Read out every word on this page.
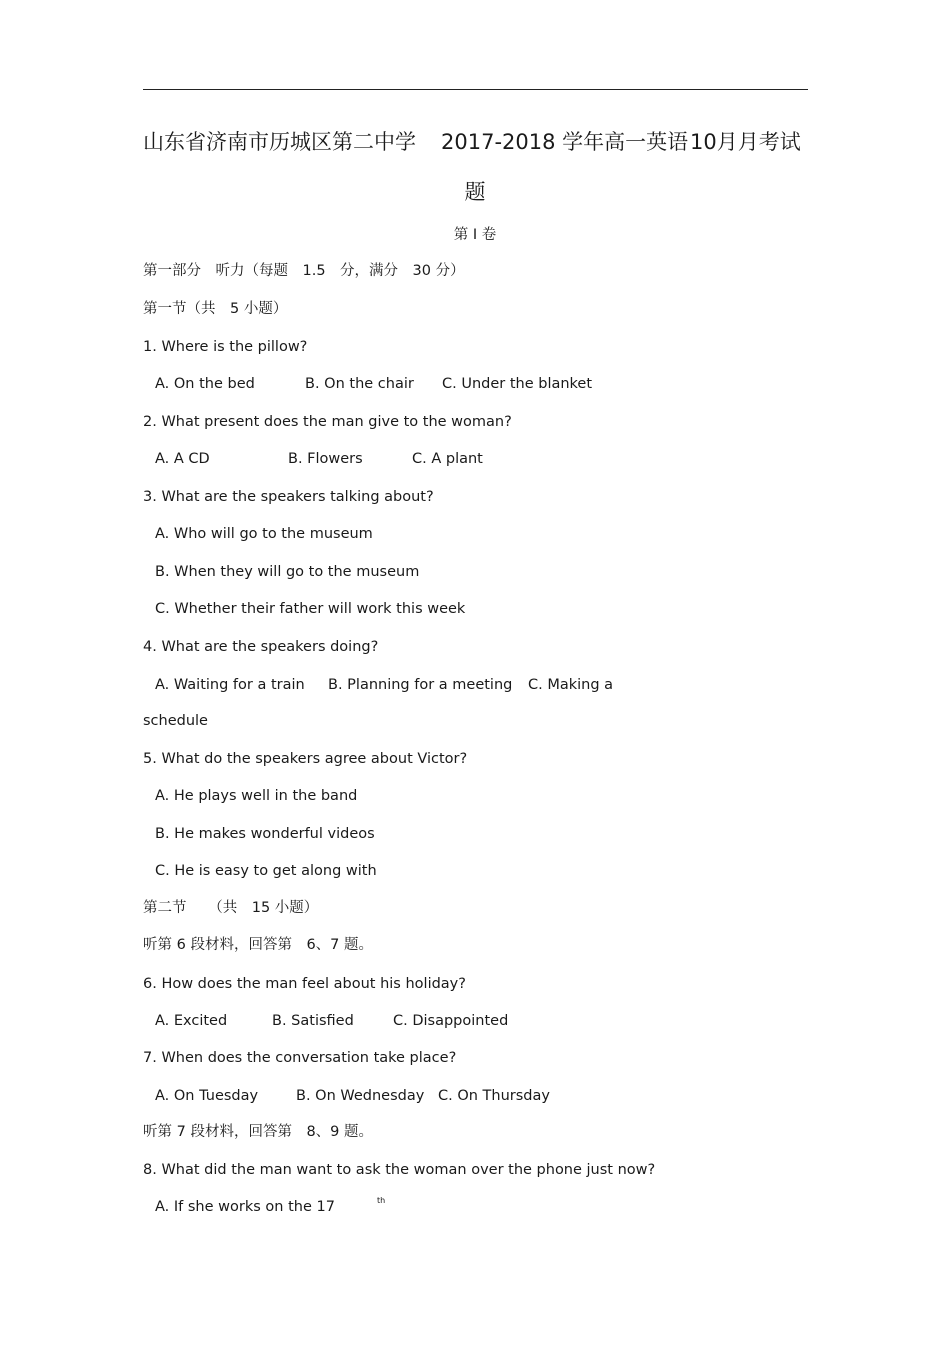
山东省济南市历城区第二中学 2017-2018 学年高一英语 10月月考试
题
第 I 卷
第一部分　听力（每题　1.5　分，满分　30 分）
第一节（共　5 小题）
1. Where is the pillow?
A. On the bed	B. On the chair C. Under the blanket
2. What present does the man give to the woman?
A. A CD	B. Flowers	C. A plant
3. What are the speakers talking about?
A. Who will go to the museum
B. When they will go to the museum
C. Whether their father will work this week
4. What are the speakers doing?
A. Waiting for a train B. Planning for a meeting C. Making a
schedule
5. What do the speakers agree about Victor?
A. He plays well in the band
B. He makes wonderful videos
C. He is easy to get along with
第二节　　（共　15 小题）
听第 6 段材料，回答第　6、7 题。
6. How does the man feel about his holiday?
A. Excited	B. Satisfied	C. Disappointed
7. When does the conversation take place?
A. On Tuesday	B. On Wednesday C. On Thursday
听第 7 段材料，回答第　8、9 题。
8. What did the man want to ask the woman over the phone just now?
A. If she works on the 17	th
